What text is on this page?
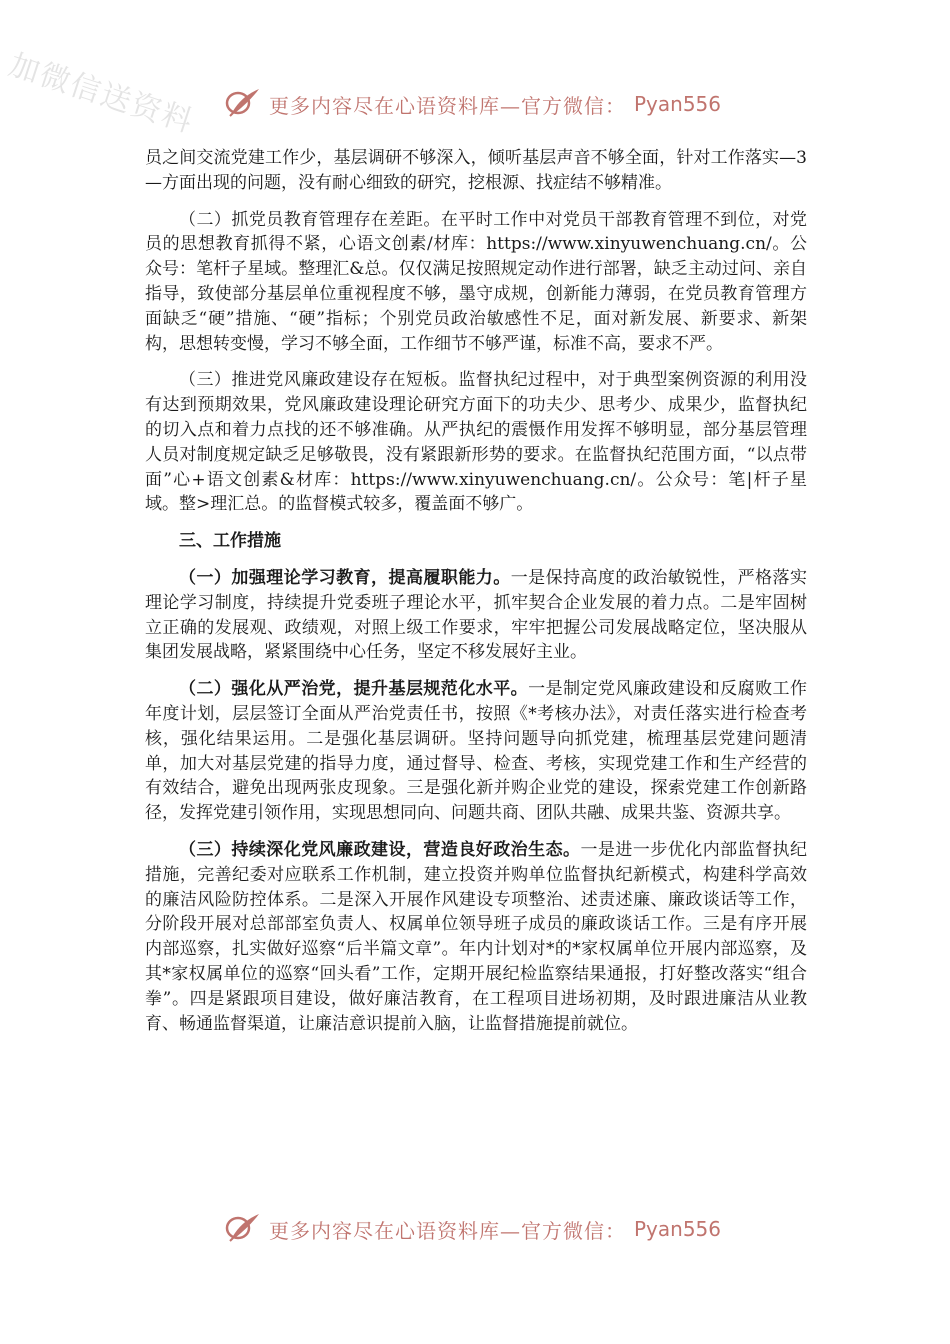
加微信送资料	更多内容尽在心语资料库—官方微信： Pyan556

员之间交流党建工作少，基层调研不够深入，倾听基层声音不够全面，针对工作落实—3—方面出现的问题，没有耐心细致的研究，挖根源、找症结不够精准。

（二）抓党员教育管理存在差距。在平时工作中对党员干部教育管理不到位，对党员的思想教育抓得不紧，心语文创素/材库：https://www.xinyuwenchuang.cn/。公众号：笔杆子星域。整理汇&总。仅仅满足按照规定动作进行部署，缺乏主动过问、亲自指导，致使部分基层单位重视程度不够，墨守成规，创新能力薄弱，在党员教育管理方面缺乏“硬”措施、“硬”指标；个别党员政治敏感性不足，面对新发展、新要求、新架构，思想转变慢，学习不够全面，工作细节不够严谨，标准不高，要求不严。

（三）推进党风廉政建设存在短板。监督执纪过程中，对于典型案例资源的利用没有达到预期效果，党风廉政建设理论研究方面下的功夫少、思考少、成果少，监督执纪的切入点和着力点找的还不够准确。从严执纪的震慑作用发挥不够明显，部分基层管理人员对制度规定缺乏足够敬畏，没有紧跟新形势的要求。在监督执纪范围方面，“以点带面”心+语文创素&材库：https://www.xinyuwenchuang.cn/。公众号：笔|杆子星域。整>理汇总。的监督模式较多，覆盖面不够广。

三、工作措施

（一）加强理论学习教育，提高履职能力。一是保持高度的政治敏锐性，严格落实理论学习制度，持续提升党委班子理论水平，抓牢契合企业发展的着力点。二是牢固树立正确的发展观、政绩观，对照上级工作要求，牢牢把握公司发展战略定位，坚决服从集团发展战略，紧紧围绕中心任务，坚定不移发展好主业。

（二）强化从严治党，提升基层规范化水平。一是制定党风廉政建设和反腐败工作年度计划，层层签订全面从严治党责任书，按照《*考核办法》，对责任落实进行检查考核，强化结果运用。二是强化基层调研。坚持问题导向抓党建，梳理基层党建问题清单，加大对基层党建的指导力度，通过督导、检查、考核，实现党建工作和生产经营的有效结合，避免出现两张皮现象。三是强化新并购企业党的建设，探索党建工作创新路径，发挥党建引领作用，实现思想同向、问题共商、团队共融、成果共鉴、资源共享。

（三）持续深化党风廉政建设，营造良好政治生态。一是进一步优化内部监督执纪措施，完善纪委对应联系工作机制，建立投资并购单位监督执纪新模式，构建科学高效的廉洁风险防控体系。二是深入开展作风建设专项整治、述责述廉、廉政谈话等工作，分阶段开展对总部部室负责人、权属单位领导班子成员的廉政谈话工作。三是有序开展内部巡察，扎实做好巡察“后半篇文章”。年内计划对*的*家权属单位开展内部巡察，及其*家权属单位的巡察“回头看”工作，定期开展纪检监察结果通报，打好整改落实“组合拳”。四是紧跟项目建设，做好廉洁教育，在工程项目进场初期，及时跟进廉洁从业教育、畅通监督渠道，让廉洁意识提前入脑，让监督措施提前就位。

更多内容尽在心语资料库—官方微信： Pyan556
